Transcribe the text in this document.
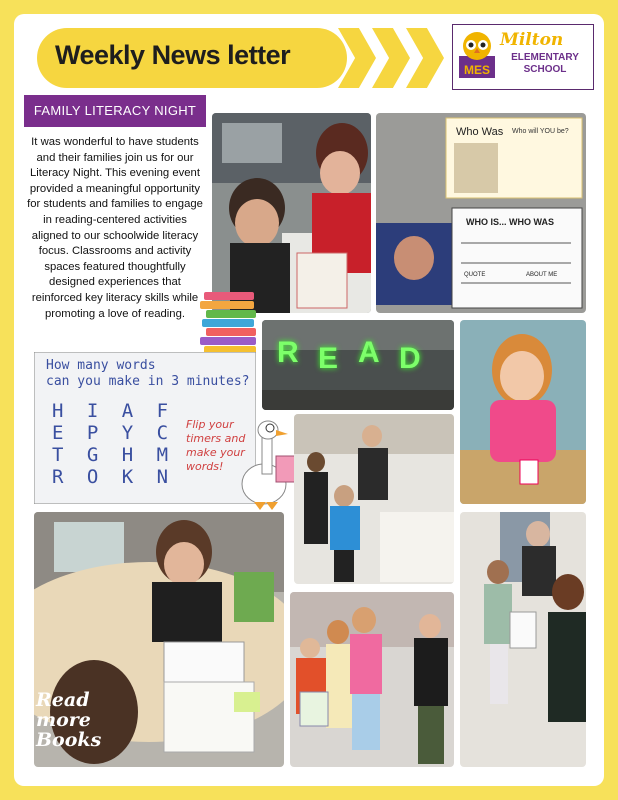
Weekly News letter	MES
Milton
ELEMENTARY SCHOOL
FAMILY LITERACY NIGHT
It was wonderful to have students and their families join us for our Literacy Night. This evening event provided a meaningful opportunity for students and families to engage in reading-centered activities aligned to our schoolwide literacy focus. Classrooms and activity spaces featured thoughtfully designed experiences that reinforced key literacy skills while promoting a love of reading.
Who Was Who will YOU be?
WHO IS... WHO WAS
QUOTE	ABOUT ME
R E A D
How many words
can you make in 3 minutes?
H I A F
E P Y C
T G H M
R O K N
Flip your
timers and
make your
words!
Read
more
Books
